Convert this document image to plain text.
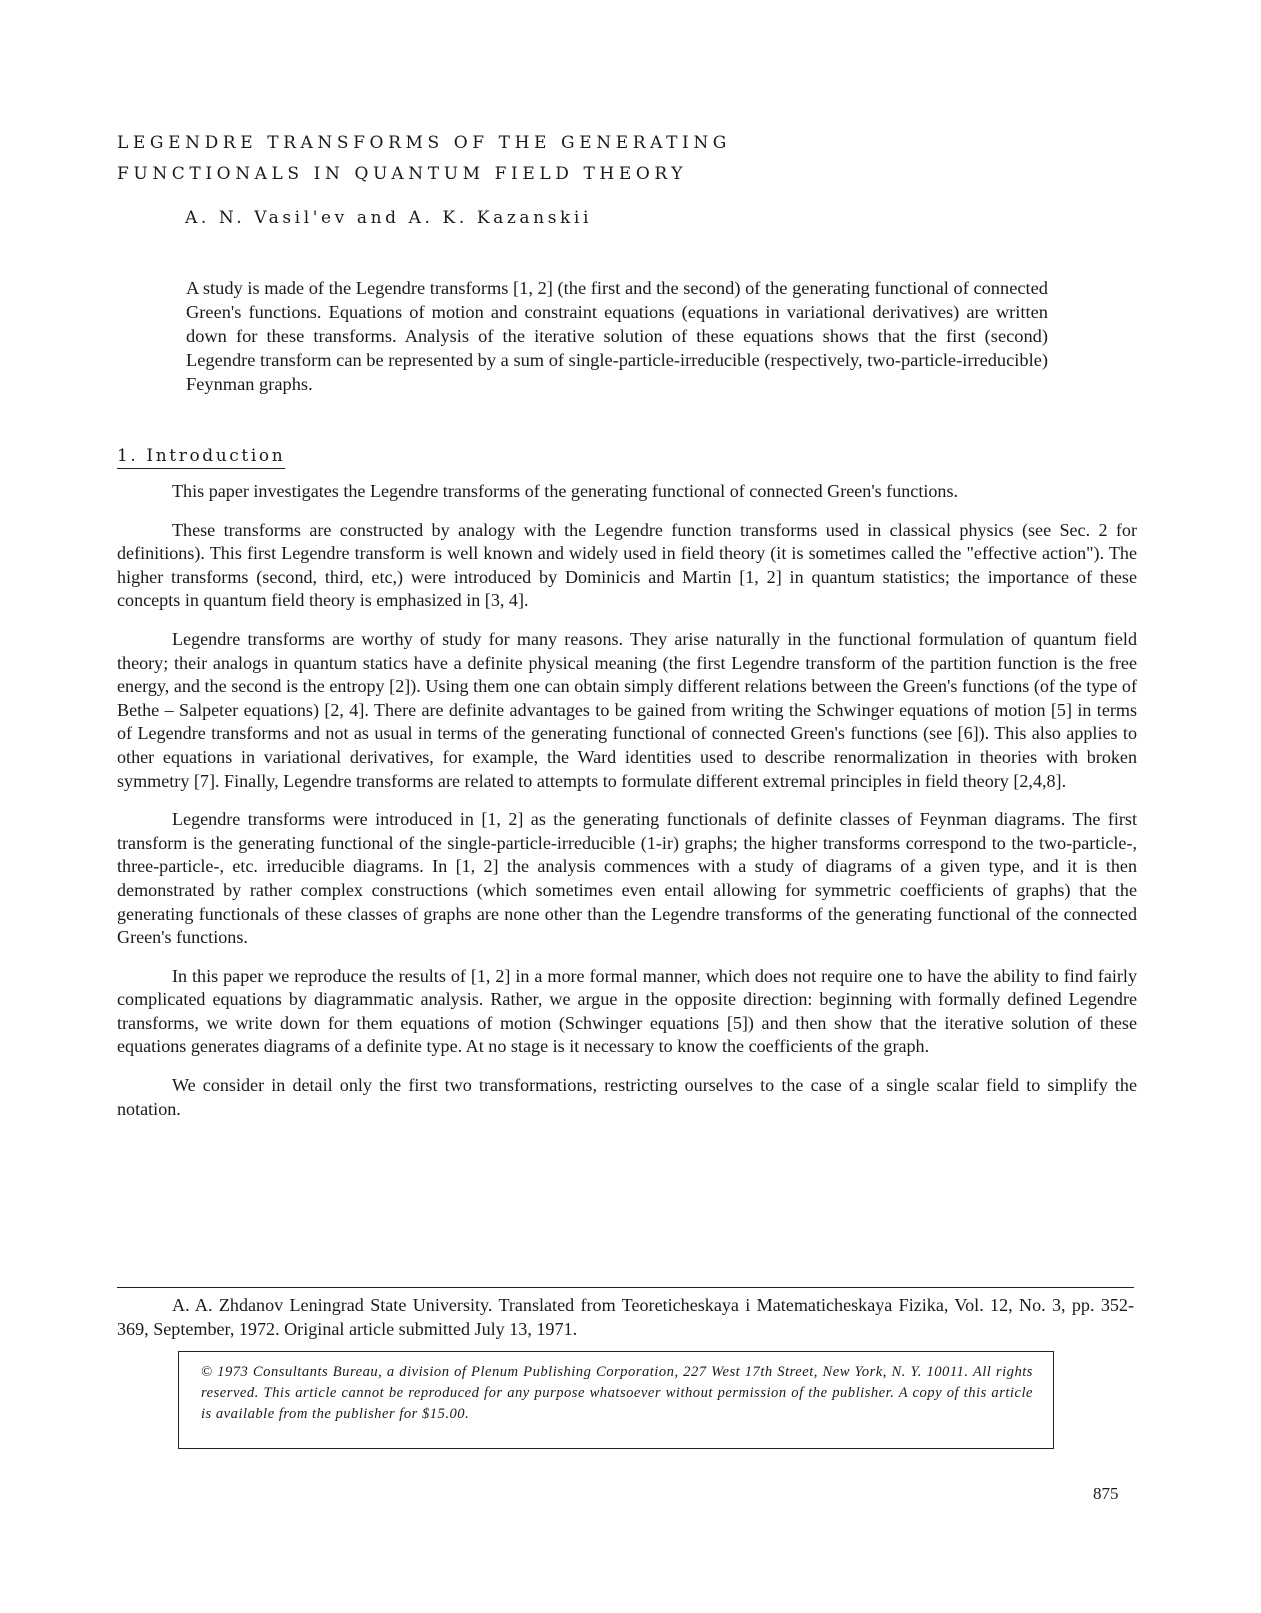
LEGENDRE TRANSFORMS OF THE GENERATING
FUNCTIONALS IN QUANTUM FIELD THEORY
A. N. Vasil'ev and A. K. Kazanskii

A study is made of the Legendre transforms [1, 2] (the first and the second) of the generating functional of connected Green's functions. Equations of motion and constraint equations (equations in variational derivatives) are written down for these transforms. Analysis of the iterative solution of these equations shows that the first (second) Legendre transform can be represented by a sum of single-particle-irreducible (respectively, two-particle-irreducible) Feynman graphs.

1. Introduction

This paper investigates the Legendre transforms of the generating functional of connected Green's functions.

These transforms are constructed by analogy with the Legendre function transforms used in classical physics (see Sec. 2 for definitions). This first Legendre transform is well known and widely used in field theory (it is sometimes called the "effective action"). The higher transforms (second, third, etc,) were introduced by Dominicis and Martin [1, 2] in quantum statistics; the importance of these concepts in quantum field theory is emphasized in [3, 4].

Legendre transforms are worthy of study for many reasons. They arise naturally in the functional formulation of quantum field theory; their analogs in quantum statics have a definite physical meaning (the first Legendre transform of the partition function is the free energy, and the second is the entropy [2]). Using them one can obtain simply different relations between the Green's functions (of the type of Bethe – Salpeter equations) [2, 4]. There are definite advantages to be gained from writing the Schwinger equations of motion [5] in terms of Legendre transforms and not as usual in terms of the generating functional of connected Green's functions (see [6]). This also applies to other equations in variational derivatives, for example, the Ward identities used to describe renormalization in theories with broken symmetry [7]. Finally, Legendre transforms are related to attempts to formulate different extremal principles in field theory [2,4,8].

Legendre transforms were introduced in [1, 2] as the generating functionals of definite classes of Feynman diagrams. The first transform is the generating functional of the single-particle-irreducible (1-ir) graphs; the higher transforms correspond to the two-particle-, three-particle-, etc. irreducible diagrams. In [1, 2] the analysis commences with a study of diagrams of a given type, and it is then demonstrated by rather complex constructions (which sometimes even entail allowing for symmetric coefficients of graphs) that the generating functionals of these classes of graphs are none other than the Legendre transforms of the generating functional of the connected Green's functions.

In this paper we reproduce the results of [1, 2] in a more formal manner, which does not require one to have the ability to find fairly complicated equations by diagrammatic analysis. Rather, we argue in the opposite direction: beginning with formally defined Legendre transforms, we write down for them equations of motion (Schwinger equations [5]) and then show that the iterative solution of these equations generates diagrams of a definite type. At no stage is it necessary to know the coefficients of the graph.

We consider in detail only the first two transformations, restricting ourselves to the case of a single scalar field to simplify the notation.

A. A. Zhdanov Leningrad State University. Translated from Teoreticheskaya i Matematicheskaya Fizika, Vol. 12, No. 3, pp. 352-369, September, 1972. Original article submitted July 13, 1971.

© 1973 Consultants Bureau, a division of Plenum Publishing Corporation, 227 West 17th Street, New York, N. Y. 10011. All rights reserved. This article cannot be reproduced for any purpose whatsoever without permission of the publisher. A copy of this article is available from the publisher for $15.00.
875
